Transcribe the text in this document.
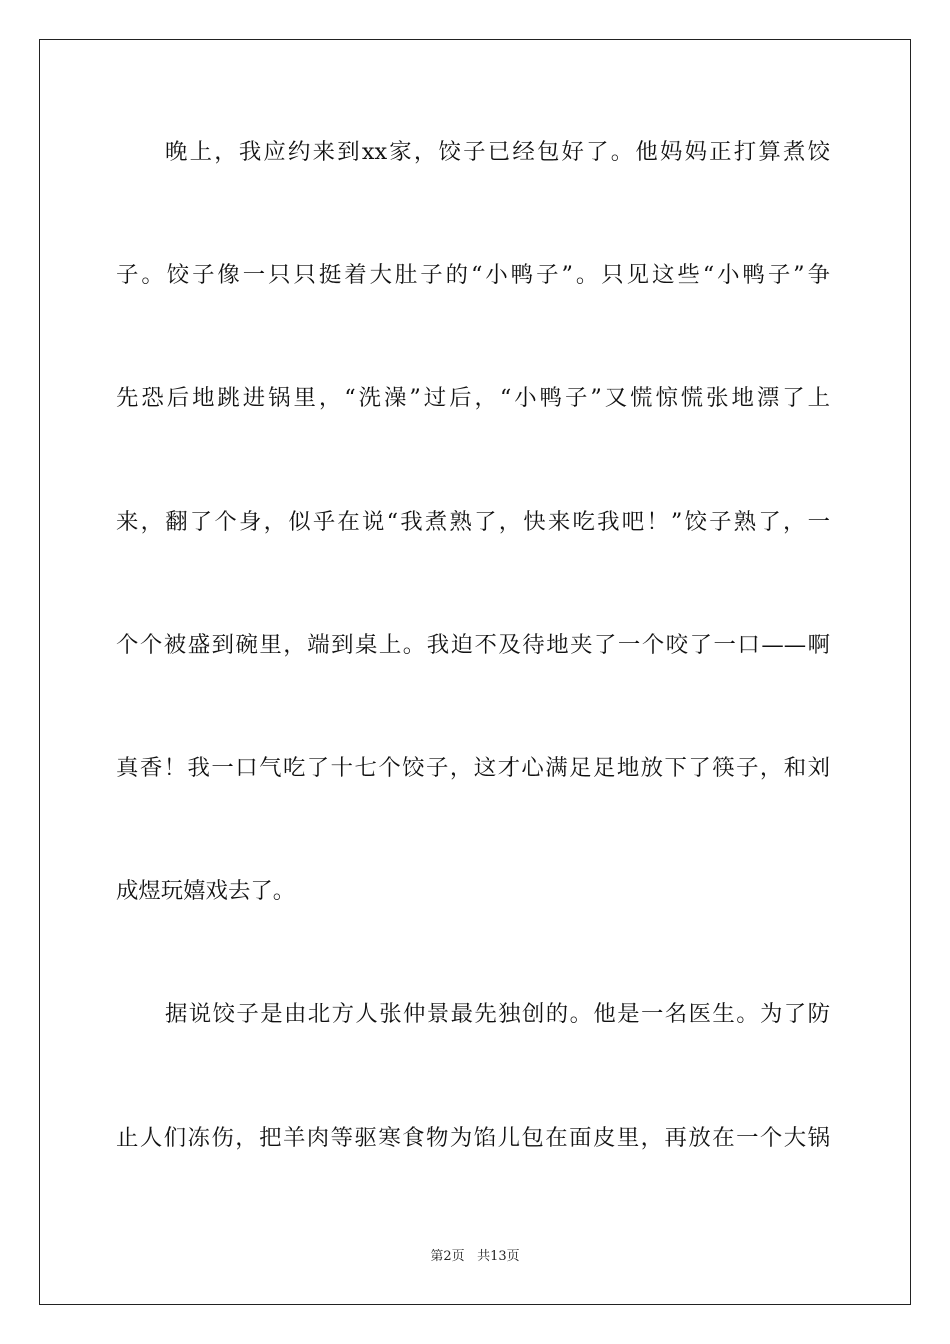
晚上，我应约来到xx家，饺子已经包好了。他妈妈正打算煮饺
子。饺子像一只只挺着大肚子的“小鸭子”。只见这些“小鸭子”争
先恐后地跳进锅里，“洗澡”过后，“小鸭子”又慌惊慌张地漂了上
来，翻了个身，似乎在说“我煮熟了，快来吃我吧！”饺子熟了，一
个个被盛到碗里，端到桌上。我迫不及待地夹了一个咬了一口——啊
真香！我一口气吃了十七个饺子，这才心满足足地放下了筷子，和刘
成煜玩嬉戏去了。
据说饺子是由北方人张仲景最先独创的。他是一名医生。为了防
止人们冻伤，把羊肉等驱寒食物为馅儿包在面皮里，再放在一个大锅
第2页 共13页
